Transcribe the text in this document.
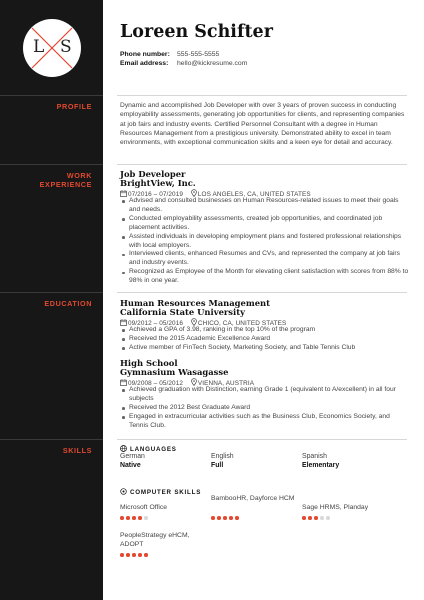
L S
PROFILE
WORK
EXPERIENCE
EDUCATION
SKILLS
Loreen Schifter
Phone number: 555-555-5555
Email address: hello@kickresume.com
Dynamic and accomplished Job Developer with over 3 years of proven success in conducting employability assessments, generating job opportunities for clients, and representing companies at job fairs and industry events. Certified Personnel Consultant with a degree in Human Resources Management from a prestigious university. Demonstrated ability to excel in team environments, with exceptional communication skills and a keen eye for detail and accuracy.
Job Developer
BrightView, Inc.
07/2016 – 07/2019 LOS ANGELES, CA, UNITED STATES
Advised and consulted businesses on Human Resources-related issues to meet their goals and needs.
Conducted employability assessments, created job opportunities, and coordinated job placement activities.
Assisted individuals in developing employment plans and fostered professional relationships with local employers.
Interviewed clients, enhanced Resumes and CVs, and represented the company at job fairs and industry events.
Recognized as Employee of the Month for elevating client satisfaction with scores from 88% to 98% in one year.
Human Resources Management
California State University
09/2012 – 05/2016 CHICO, CA, UNITED STATES
Achieved a GPA of 3.98, ranking in the top 10% of the program
Received the 2015 Academic Excellence Award
Active member of FinTech Society, Marketing Society, and Table Tennis Club
High School
Gymnasium Wasagasse
09/2008 – 05/2012 VIENNA, AUSTRIA
Achieved graduation with Distinction, earning Grade 1 (equivalent to A/excellent) in all four subjects
Received the 2012 Best Graduate Award
Engaged in extracurricular activities such as the Business Club, Economics Society, and Tennis Club.
LANGUAGES
German
Native
English
Full
Spanish
Elementary
COMPUTER SKILLS
Microsoft Office
BambooHR, Dayforce HCM
Sage HRMS, Planday
PeopleStrategy eHCM, ADOPT
